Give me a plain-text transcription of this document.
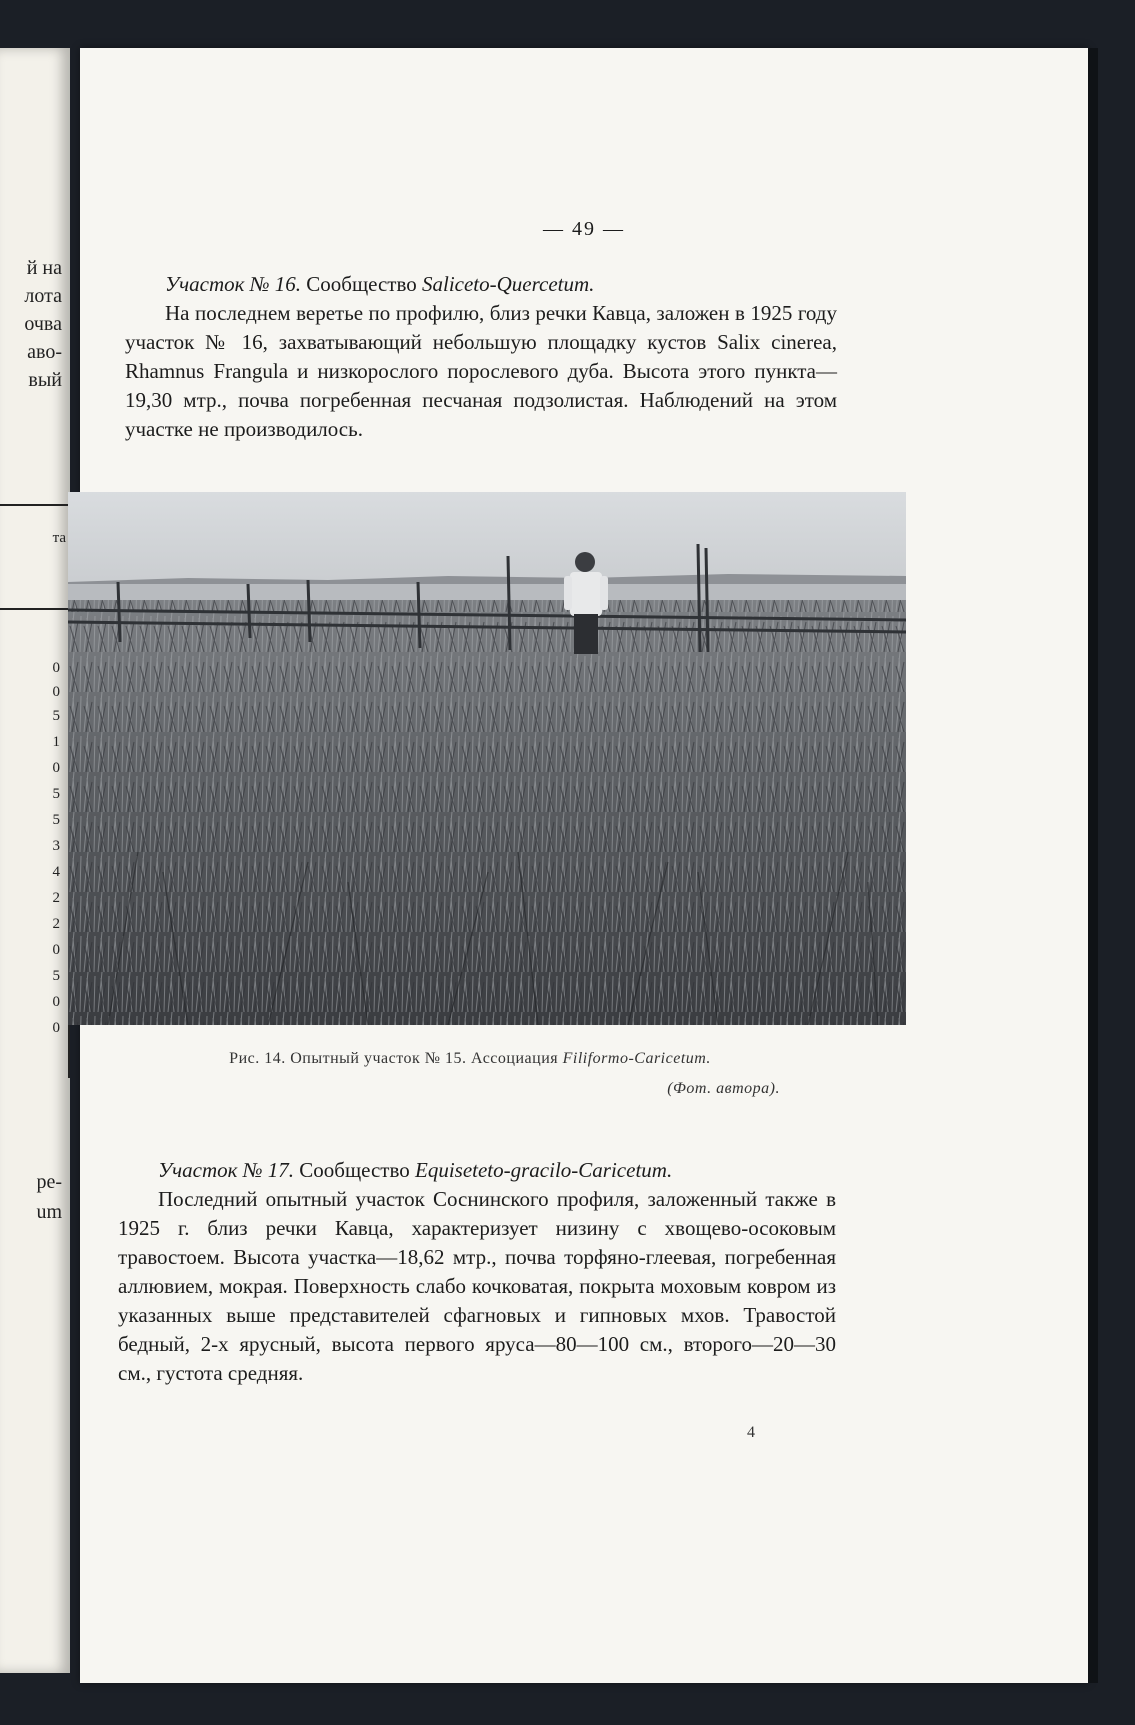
й на
лота
очва
аво-
вый
та
0
0
5
1
0
5
5
3
4
2
2
0
5
0
0
ре-
um
— 49 —
Участок № 16. Сообщество Saliceto-Quercetum.
На последнем веретье по профилю, близ речки Кавца, заложен в 1925 году участок № 16, захватывающий небольшую площадку кустов Salix cinerea, Rhamnus Frangula и низкорослого порослевого дуба. Высота этого пункта—19,30 мтр., почва погребенная песчаная подзолистая. Наблюдений на этом участке не производилось.
Рис. 14. Опытный участок № 15. Ассоциация Filiformo-Caricetum.
(Фот. автора).
Участок № 17. Сообщество Equiseteto-gracilo-Caricetum.
Последний опытный участок Соснинского профиля, заложенный также в 1925 г. близ речки Кавца, характеризует низину с хвощево-осоковым травостоем. Высота участка—18,62 мтр., почва торфяно-глеевая, погребенная аллювием, мокрая. Поверхность слабо кочковатая, покрыта моховым ковром из указанных выше представителей сфагновых и гипновых мхов. Травостой бедный, 2-х ярусный, высота первого яруса—80—100 см., второго—20—30 см., густота средняя.
4
